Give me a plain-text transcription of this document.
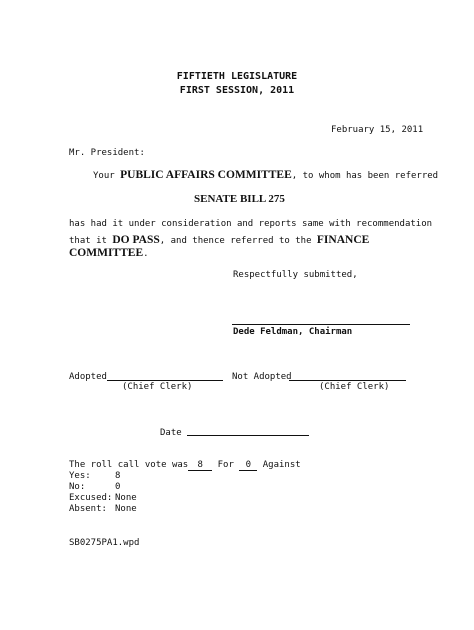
FIFTIETH LEGISLATURE
FIRST SESSION, 2011
February 15, 2011
Mr. President:
Your PUBLIC AFFAIRS COMMITTEE, to whom has been referred
SENATE BILL 275
has had it under consideration and reports same with recommendation
that it DO PASS, and thence referred to the FINANCE
COMMITTEE.
Respectfully submitted,
Dede Feldman, Chairman
Adopted
(Chief Clerk)
Not Adopted
(Chief Clerk)
Date
The roll call vote was 8 For 0 Against
Yes:	8
No:	0
Excused: None
Absent: None
SB0275PA1.wpd
